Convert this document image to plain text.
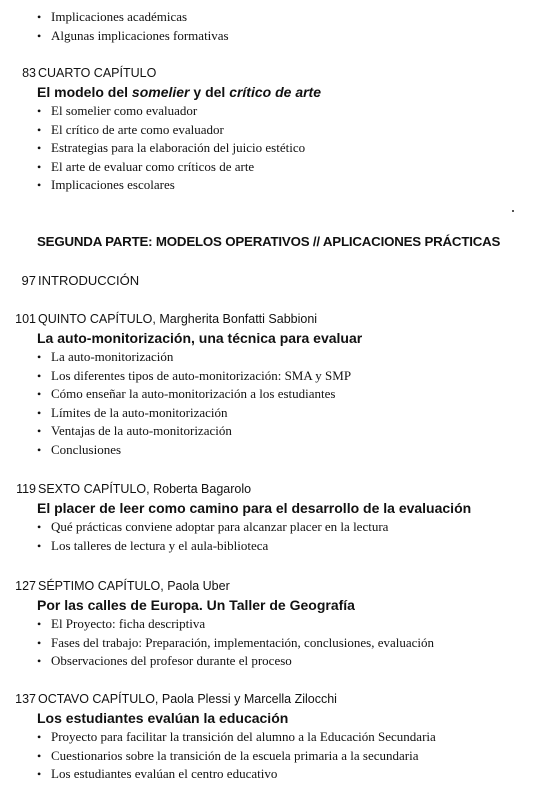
• Implicaciones académicas
• Algunas implicaciones formativas
83 CUARTO CAPÍTULO
El modelo del somelier y del crítico de arte
• El somelier como evaluador
• El crítico de arte como evaluador
• Estrategias para la elaboración del juicio estético
• El arte de evaluar como críticos de arte
• Implicaciones escolares
SEGUNDA PARTE: MODELOS OPERATIVOS // APLICACIONES PRÁCTICAS
97 INTRODUCCIÓN
101 QUINTO CAPÍTULO, Margherita Bonfatti Sabbioni
La auto-monitorización, una técnica para evaluar
• La auto-monitorización
• Los diferentes tipos de auto-monitorización: SMA y SMP
• Cómo enseñar la auto-monitorización a los estudiantes
• Límites de la auto-monitorización
• Ventajas de la auto-monitorización
• Conclusiones
119 SEXTO CAPÍTULO, Roberta Bagarolo
El placer de leer como camino para el desarrollo de la evaluación
• Qué prácticas conviene adoptar para alcanzar placer en la lectura
• Los talleres de lectura y el aula-biblioteca
127 SÉPTIMO CAPÍTULO, Paola Uber
Por las calles de Europa. Un Taller de Geografía
• El Proyecto: ficha descriptiva
• Fases del trabajo: Preparación, implementación, conclusiones, evaluación
• Observaciones del profesor durante el proceso
137 OCTAVO CAPÍTULO, Paola Plessi y Marcella Zilocchi
Los estudiantes evalúan la educación
• Proyecto para facilitar la transición del alumno a la Educación Secundaria
• Cuestionarios sobre la transición de la escuela primaria a la secundaria
• Los estudiantes evalúan el centro educativo
